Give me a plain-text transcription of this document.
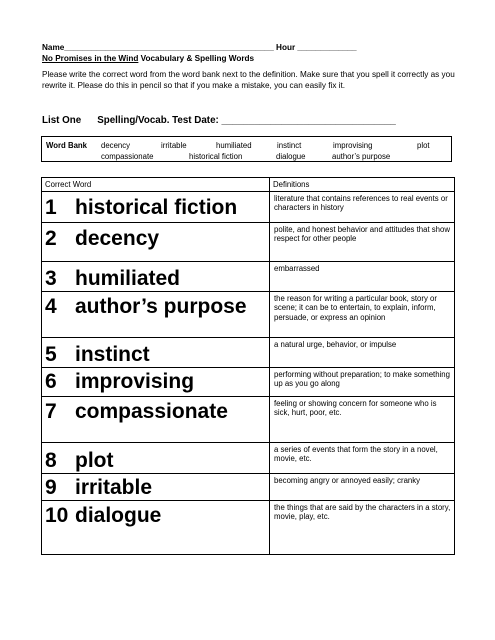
Name______________________________________________ Hour _____________
No Promises in the Wind Vocabulary & Spelling Words
Please write the correct word from the word bank next to the definition. Make sure that you spell it correctly as you rewrite it. Please do this in pencil so that if you make a mistake, you can easily fix it.
List One Spelling/Vocab. Test Date: ________________________________
Word Bank decency	irritable	humiliated	instinct	improvising	plot
compassionate	historical fiction	dialogue	author’s purpose
Correct Word	Definitions

1 historical fiction	literature that contains references to real events or characters in history

2 decency	polite, and honest behavior and attitudes that show respect for other people

3 humiliated	embarrassed

4 author’s purpose	the reason for writing a particular book, story or scene; it can be to entertain, to explain, inform, persuade, or express an opinion

5 instinct	a natural urge, behavior, or impulse

6 improvising	performing without preparation; to make something up as you go along

7 compassionate	feeling or showing concern for someone who is sick, hurt, poor, etc.

8 plot	a series of events that form the story in a novel, movie, etc.

9 irritable	becoming angry or annoyed easily; cranky

10 dialogue	the things that are said by the characters in a story, movie, play, etc.
